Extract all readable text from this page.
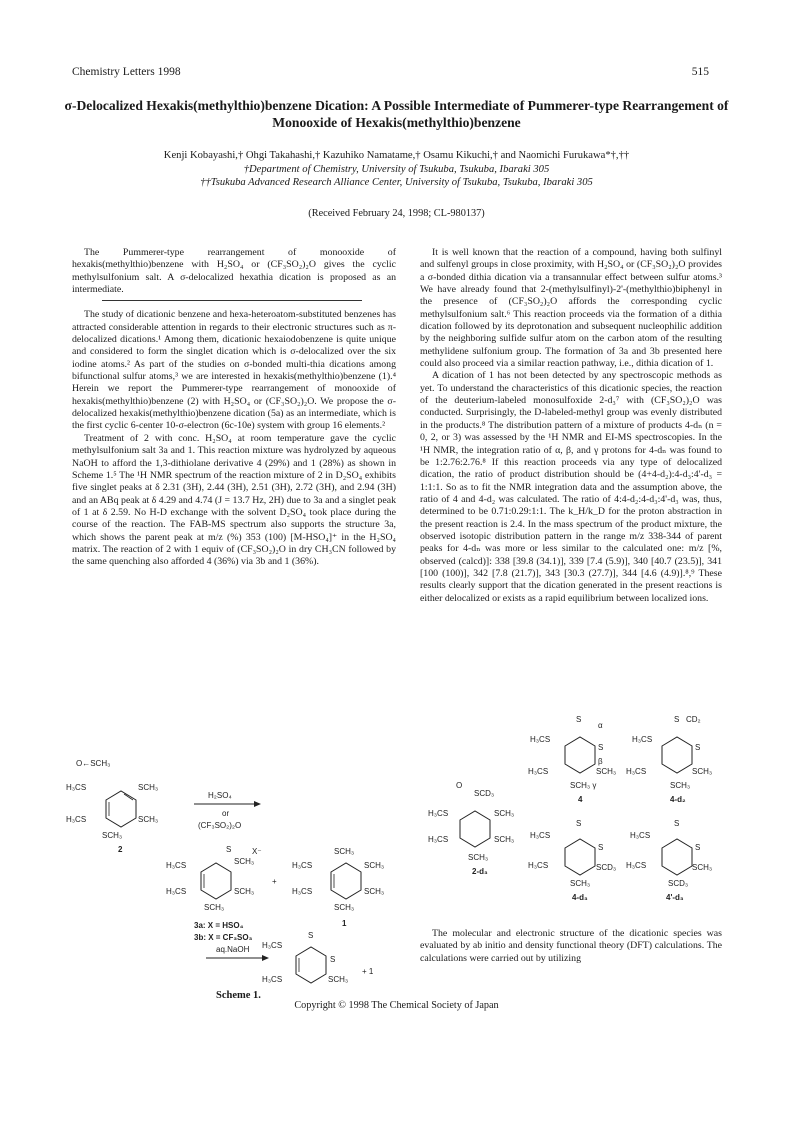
Chemistry Letters 1998	515
σ-Delocalized Hexakis(methylthio)benzene Dication: A Possible Intermediate of Pummerer-type Rearrangement of Monooxide of Hexakis(methylthio)benzene
Kenji Kobayashi,† Ohgi Takahashi,† Kazuhiko Namatame,† Osamu Kikuchi,† and Naomichi Furukawa*†,††
†Department of Chemistry, University of Tsukuba, Tsukuba, Ibaraki 305
††Tsukuba Advanced Research Alliance Center, University of Tsukuba, Tsukuba, Ibaraki 305
(Received February 24, 1998; CL-980137)

The Pummerer-type rearrangement of monooxide of hexakis(methylthio)benzene with H₂SO₄ or (CF₃SO₂)₂O gives the cyclic methylsulfonium salt. A σ-delocalized hexathia dication is proposed as an intermediate.

The study of dicationic benzene and hexa-heteroatom-substituted benzenes has attracted considerable attention in regards to their electronic structures such as π-delocalized dications.¹ Among them, dicationic hexaiodobenzene is quite unique and considered to form the singlet dication which is σ-delocalized over the six iodine atoms.² As part of the studies on σ-bonded multi-thia dications among bifunctional sulfur atoms,³ we are interested in hexakis(methylthio)benzene (1).⁴ Herein we report the Pummerer-type rearrangement of monooxide of hexakis(methylthio)benzene (2) with H₂SO₄ or (CF₃SO₂)₂O. We propose the σ-delocalized hexakis(methylthio)benzene dication (5a) as an intermediate, which is the first cyclic 6-center 10-σ-electron (6c-10e) system with group 16 elements.²

Treatment of 2 with conc. H₂SO₄ at room temperature gave the cyclic methylsulfonium salt 3a and 1. This reaction mixture was hydrolyzed by aqueous NaOH to afford the 1,3-dithiolane derivative 4 (29%) and 1 (28%) as shown in Scheme 1.⁵ The ¹H NMR spectrum of the reaction mixture of 2 in D₂SO₄ exhibits five singlet peaks at δ 2.31 (3H), 2.44 (3H), 2.51 (3H), 2.72 (3H), and 2.94 (3H) and an ABq peak at δ 4.29 and 4.74 (J = 13.7 Hz, 2H) due to 3a and a singlet peak of 1 at δ 2.59. No H-D exchange with the solvent D₂SO₄ took place during the course of the reaction. The FAB-MS spectrum also supports the structure 3a, which shows the parent peak at m/z (%) 353 (100) [M-HSO₄]⁺ in the H₂SO₄ matrix. The reaction of 2 with 1 equiv of (CF₃SO₂)₂O in dry CH₃CN followed by the same quenching also afforded 4 (36%) via 3b and 1 (36%).

It is well known that the reaction of a compound, having both sulfinyl and sulfenyl groups in close proximity, with H₂SO₄ or (CF₃SO₂)₂O provides a σ-bonded dithia dication via a transannular effect between sulfur atoms.³ We have already found that 2-(methylsulfinyl)-2'-(methylthio)biphenyl in the presence of (CF₃SO₂)₂O affords the corresponding cyclic methylsulfonium salt.⁶ This reaction proceeds via the formation of a dithia dication followed by its deprotonation and subsequent nucleophilic addition by the neighboring sulfide sulfur atom on the carbon atom of the resulting methylidene sulfonium group. The formation of 3a and 3b presented here could also proceed via a similar reaction pathway, i.e., dithia dication of 1.

A dication of 1 has not been detected by any spectroscopic methods as yet. To understand the characteristics of this dicationic species, the reaction of the deuterium-labeled monosulfoxide 2-d₃⁷ with (CF₃SO₂)₂O was conducted. Surprisingly, the D-labeled-methyl group was evenly distributed in the products.⁸ The distribution pattern of a mixture of products 4-dₙ (n = 0, 2, or 3) was assessed by the ¹H NMR and EI-MS spectroscopies. In the ¹H NMR, the integration ratio of α, β, and γ protons for 4-dₙ was found to be 1:2.76:2.76.⁸ If this reaction proceeds via any type of delocalized dication, the ratio of product distribution should be (4+4-d₂):4-d₃:4'-d₃ = 1:1:1. So as to fit the NMR integration data and the assumption above, the ratio of 4 and 4-d₂ was calculated. The ratio of 4:4-d₂:4-d₃:4'-d₃ was, thus, determined to be 0.71:0.29:1:1. The k_H/k_D for the proton abstraction in the present reaction is 2.4. In the mass spectrum of the product mixture, the observed isotopic distribution pattern in the range m/z 338-344 of parent peaks for 4-dₙ was more or less similar to the calculated one: m/z [%, observed (calcd)]: 338 [39.8 (34.1)], 339 [7.4 (5.9)], 340 [40.7 (23.5)], 341 [100 (100)], 342 [7.8 (21.7)], 343 [30.3 (27.7)], 344 [4.6 (4.9)].⁸,⁹ These results clearly support that the dication generated in the present reactions is either delocalized or exists as a rapid equilibrium between localized ions.

O←SCH₃
H₃CS	SCH₃
H₃CS	SCH₃
SCH₃
2
H₂SO₄
or
(CF₃SO₂)₂O
S	X⁻
SCH₃
H₃CS
H₃CS	SCH₃
SCH₃
3a: X = HSO₄
3b: X = CF₃SO₃
+
SCH₃
H₃CS	SCH₃
H₃CS	SCH₃
SCH₃
1
aq.NaOH
S
S
H₃CS
H₃CS	SCH₃
+ 1
Scheme 1.
S
α
H₃CS
S
β
H₃CS	SCH₃
SCH₃ γ
4
S CD₂
H₃CS
S
H₃CS	SCH₃
SCH₃
4-d₂
O
SCD₃
H₃CS	SCH₃
H₃CS	SCH₃
SCH₃
2-d₃
S
S
H₃CS
H₃CS	SCD₃
SCH₃
4-d₃
S
S
H₃CS
H₃CS	SCH₃
SCD₃
4'-d₃

The molecular and electronic structure of the dicationic species was evaluated by ab initio and density functional theory (DFT) calculations. The calculations were carried out by utilizing

Copyright © 1998 The Chemical Society of Japan
